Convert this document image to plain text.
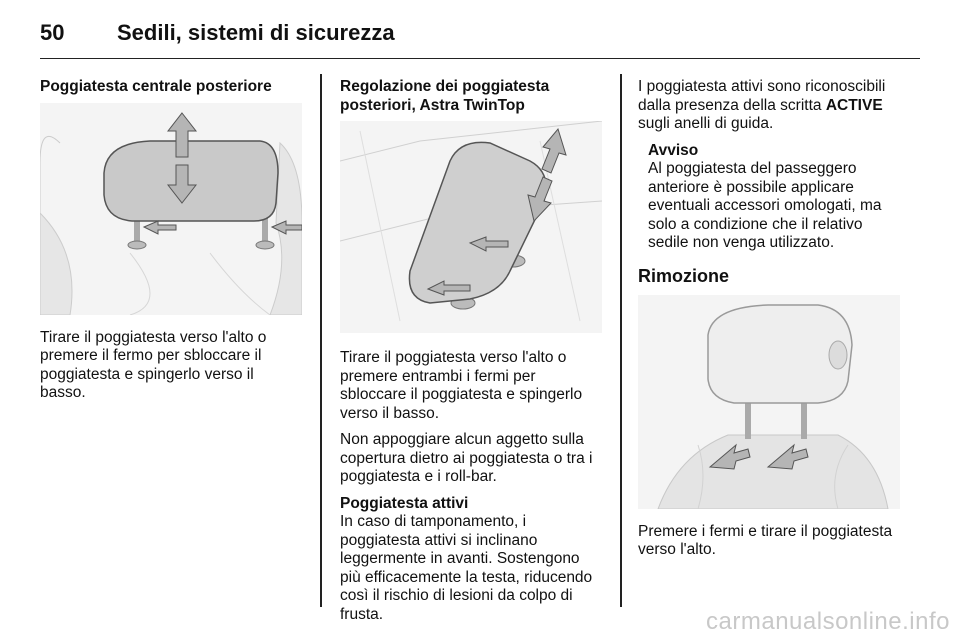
50 Sedili, sistemi di sicurezza

Poggiatesta centrale posteriore

Tirare il poggiatesta verso l'alto o premere il fermo per sbloccare il poggiatesta e spingerlo verso il basso.

Regolazione dei poggiatesta posteriori, Astra TwinTop

Tirare il poggiatesta verso l'alto o premere entrambi i fermi per sbloccare il poggiatesta e spingerlo verso il basso.

Non appoggiare alcun aggetto sulla copertura dietro ai poggiatesta o tra i poggiatesta e i roll-bar.

Poggiatesta attivi

In caso di tamponamento, i poggiatesta attivi si inclinano leggermente in avanti. Sostengono più efficacemente la testa, riducendo così il rischio di lesioni da colpo di frusta.

I poggiatesta attivi sono riconoscibili dalla presenza della scritta ACTIVE sugli anelli di guida.

Avviso

Al poggiatesta del passeggero anteriore è possibile applicare eventuali accessori omologati, ma solo a condizione che il relativo sedile non venga utilizzato.

Rimozione

Premere i fermi e tirare il poggiatesta verso l'alto.

carmanualsonline.info
